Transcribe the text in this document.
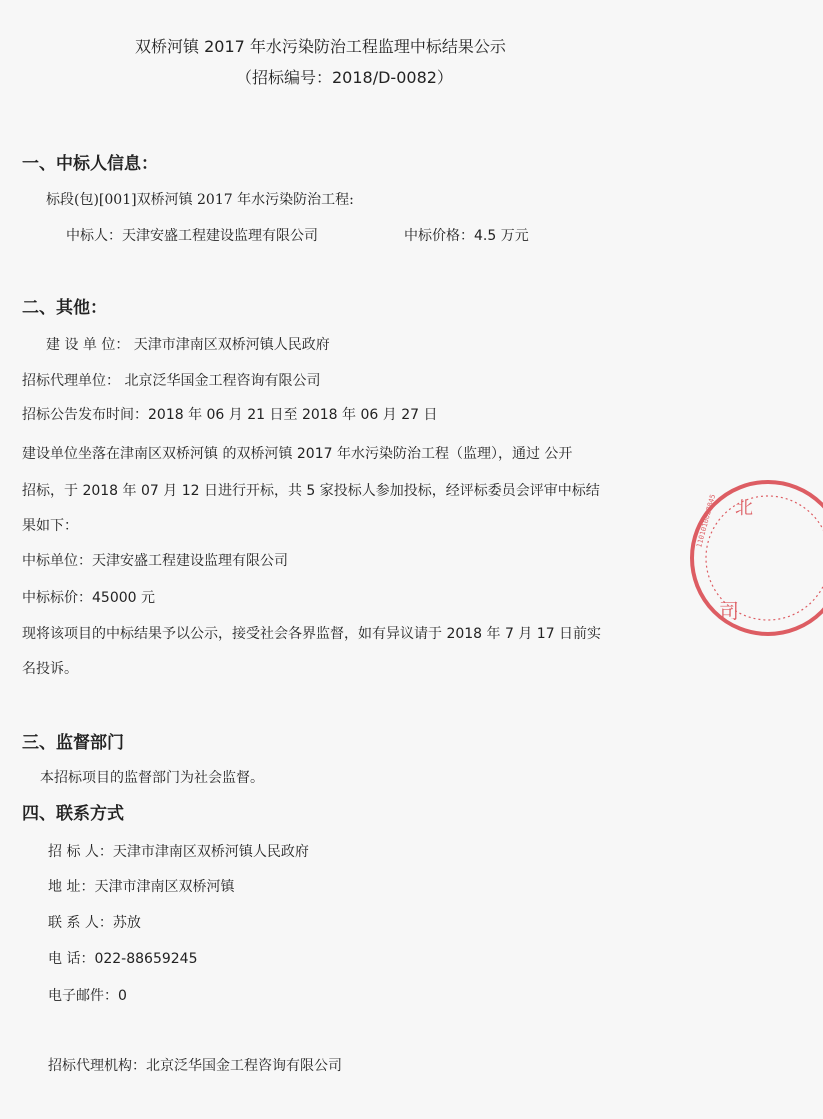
双桥河镇 2017 年水污染防治工程监理中标结果公示
（招标编号：2018/D-0082）
一、中标人信息：
标段(包)[001]双桥河镇 2017 年水污染防治工程:
中标人：天津安盛工程建设监理有限公司	中标价格：4.5 万元
二、其他：
建 设 单 位： 天津市津南区双桥河镇人民政府
招标代理单位： 北京泛华国金工程咨询有限公司
招标公告发布时间：2018 年 06 月 21 日至 2018 年 06 月 27 日
建设单位坐落在津南区双桥河镇 的双桥河镇 2017 年水污染防治工程（监理），通过 公开
招标，于 2018 年 07 月 12 日进行开标，共 5 家投标人参加投标，经评标委员会评审中标结
果如下：
中标单位：天津安盛工程建设监理有限公司
中标标价：45000 元
现将该项目的中标结果予以公示，接受社会各界监督，如有异议请于 2018 年 7 月 17 日前实
名投诉。
三、监督部门
本招标项目的监督部门为社会监督。
四、联系方式
招 标 人：天津市津南区双桥河镇人民政府
地 址：天津市津南区双桥河镇
联 系 人：苏放
电 话：022-88659245
电子邮件：0
招标代理机构：北京泛华国金工程咨询有限公司
北
司
1101010027845
